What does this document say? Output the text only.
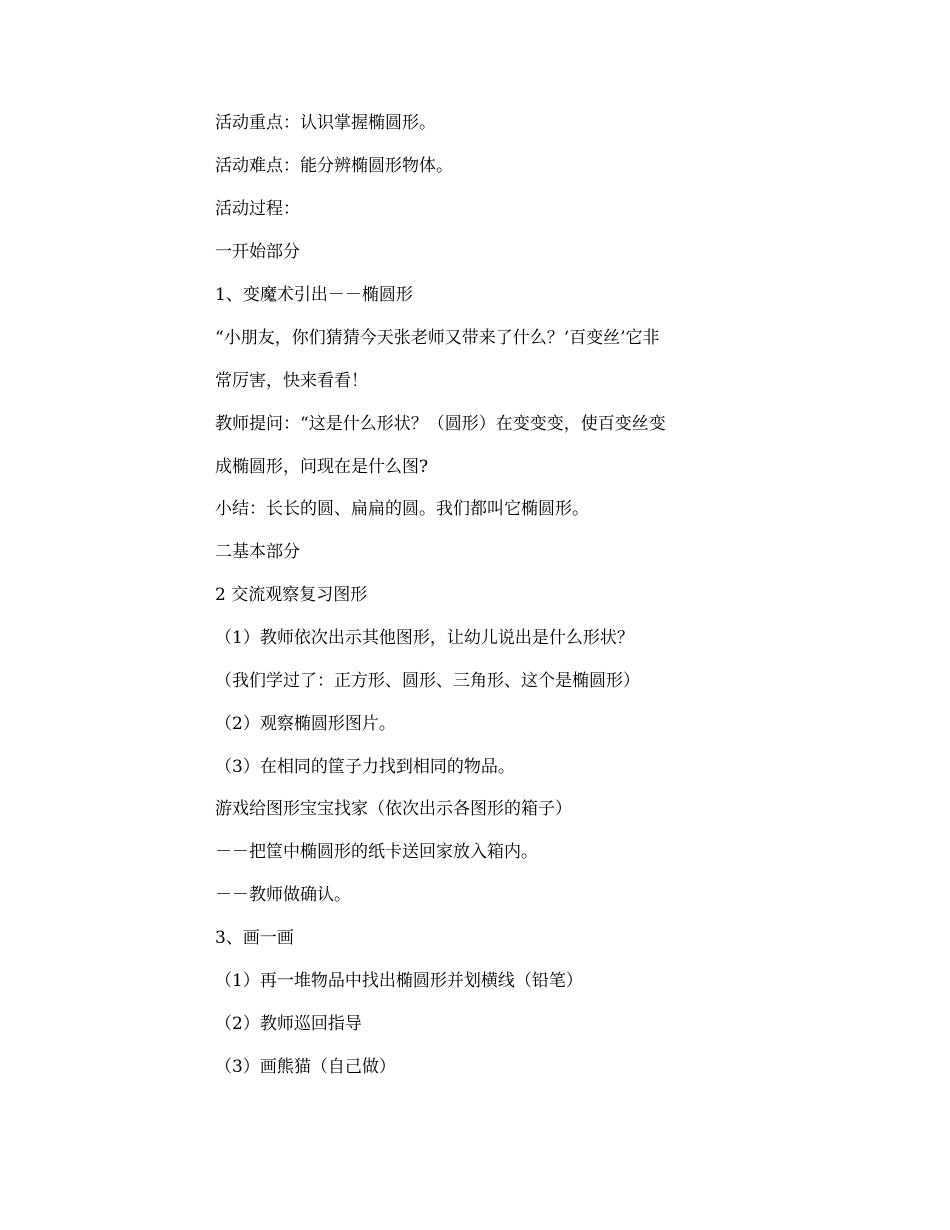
活动重点：认识掌握椭圆形。
活动难点：能分辨椭圆形物体。
活动过程：
一开始部分
1、变魔术引出－－椭圆形
“小朋友，你们猜猜今天张老师又带来了什么？‘百变丝’它非
常厉害，快来看看！
教师提问：“这是什么形状？（圆形）在变变变，使百变丝变
成椭圆形，问现在是什么图?
小结：长长的圆、扁扁的圆。我们都叫它椭圆形。
二基本部分
2 交流观察复习图形
（1）教师依次出示其他图形，让幼儿说出是什么形状？
（我们学过了：正方形、圆形、三角形、这个是椭圆形）
（2）观察椭圆形图片。
（3）在相同的筐子力找到相同的物品。
游戏给图形宝宝找家（依次出示各图形的箱子）
－－把筐中椭圆形的纸卡送回家放入箱内。
－－教师做确认。
3、画一画
（1）再一堆物品中找出椭圆形并划横线（铅笔）
（2）教师巡回指导
（3）画熊猫（自己做）
